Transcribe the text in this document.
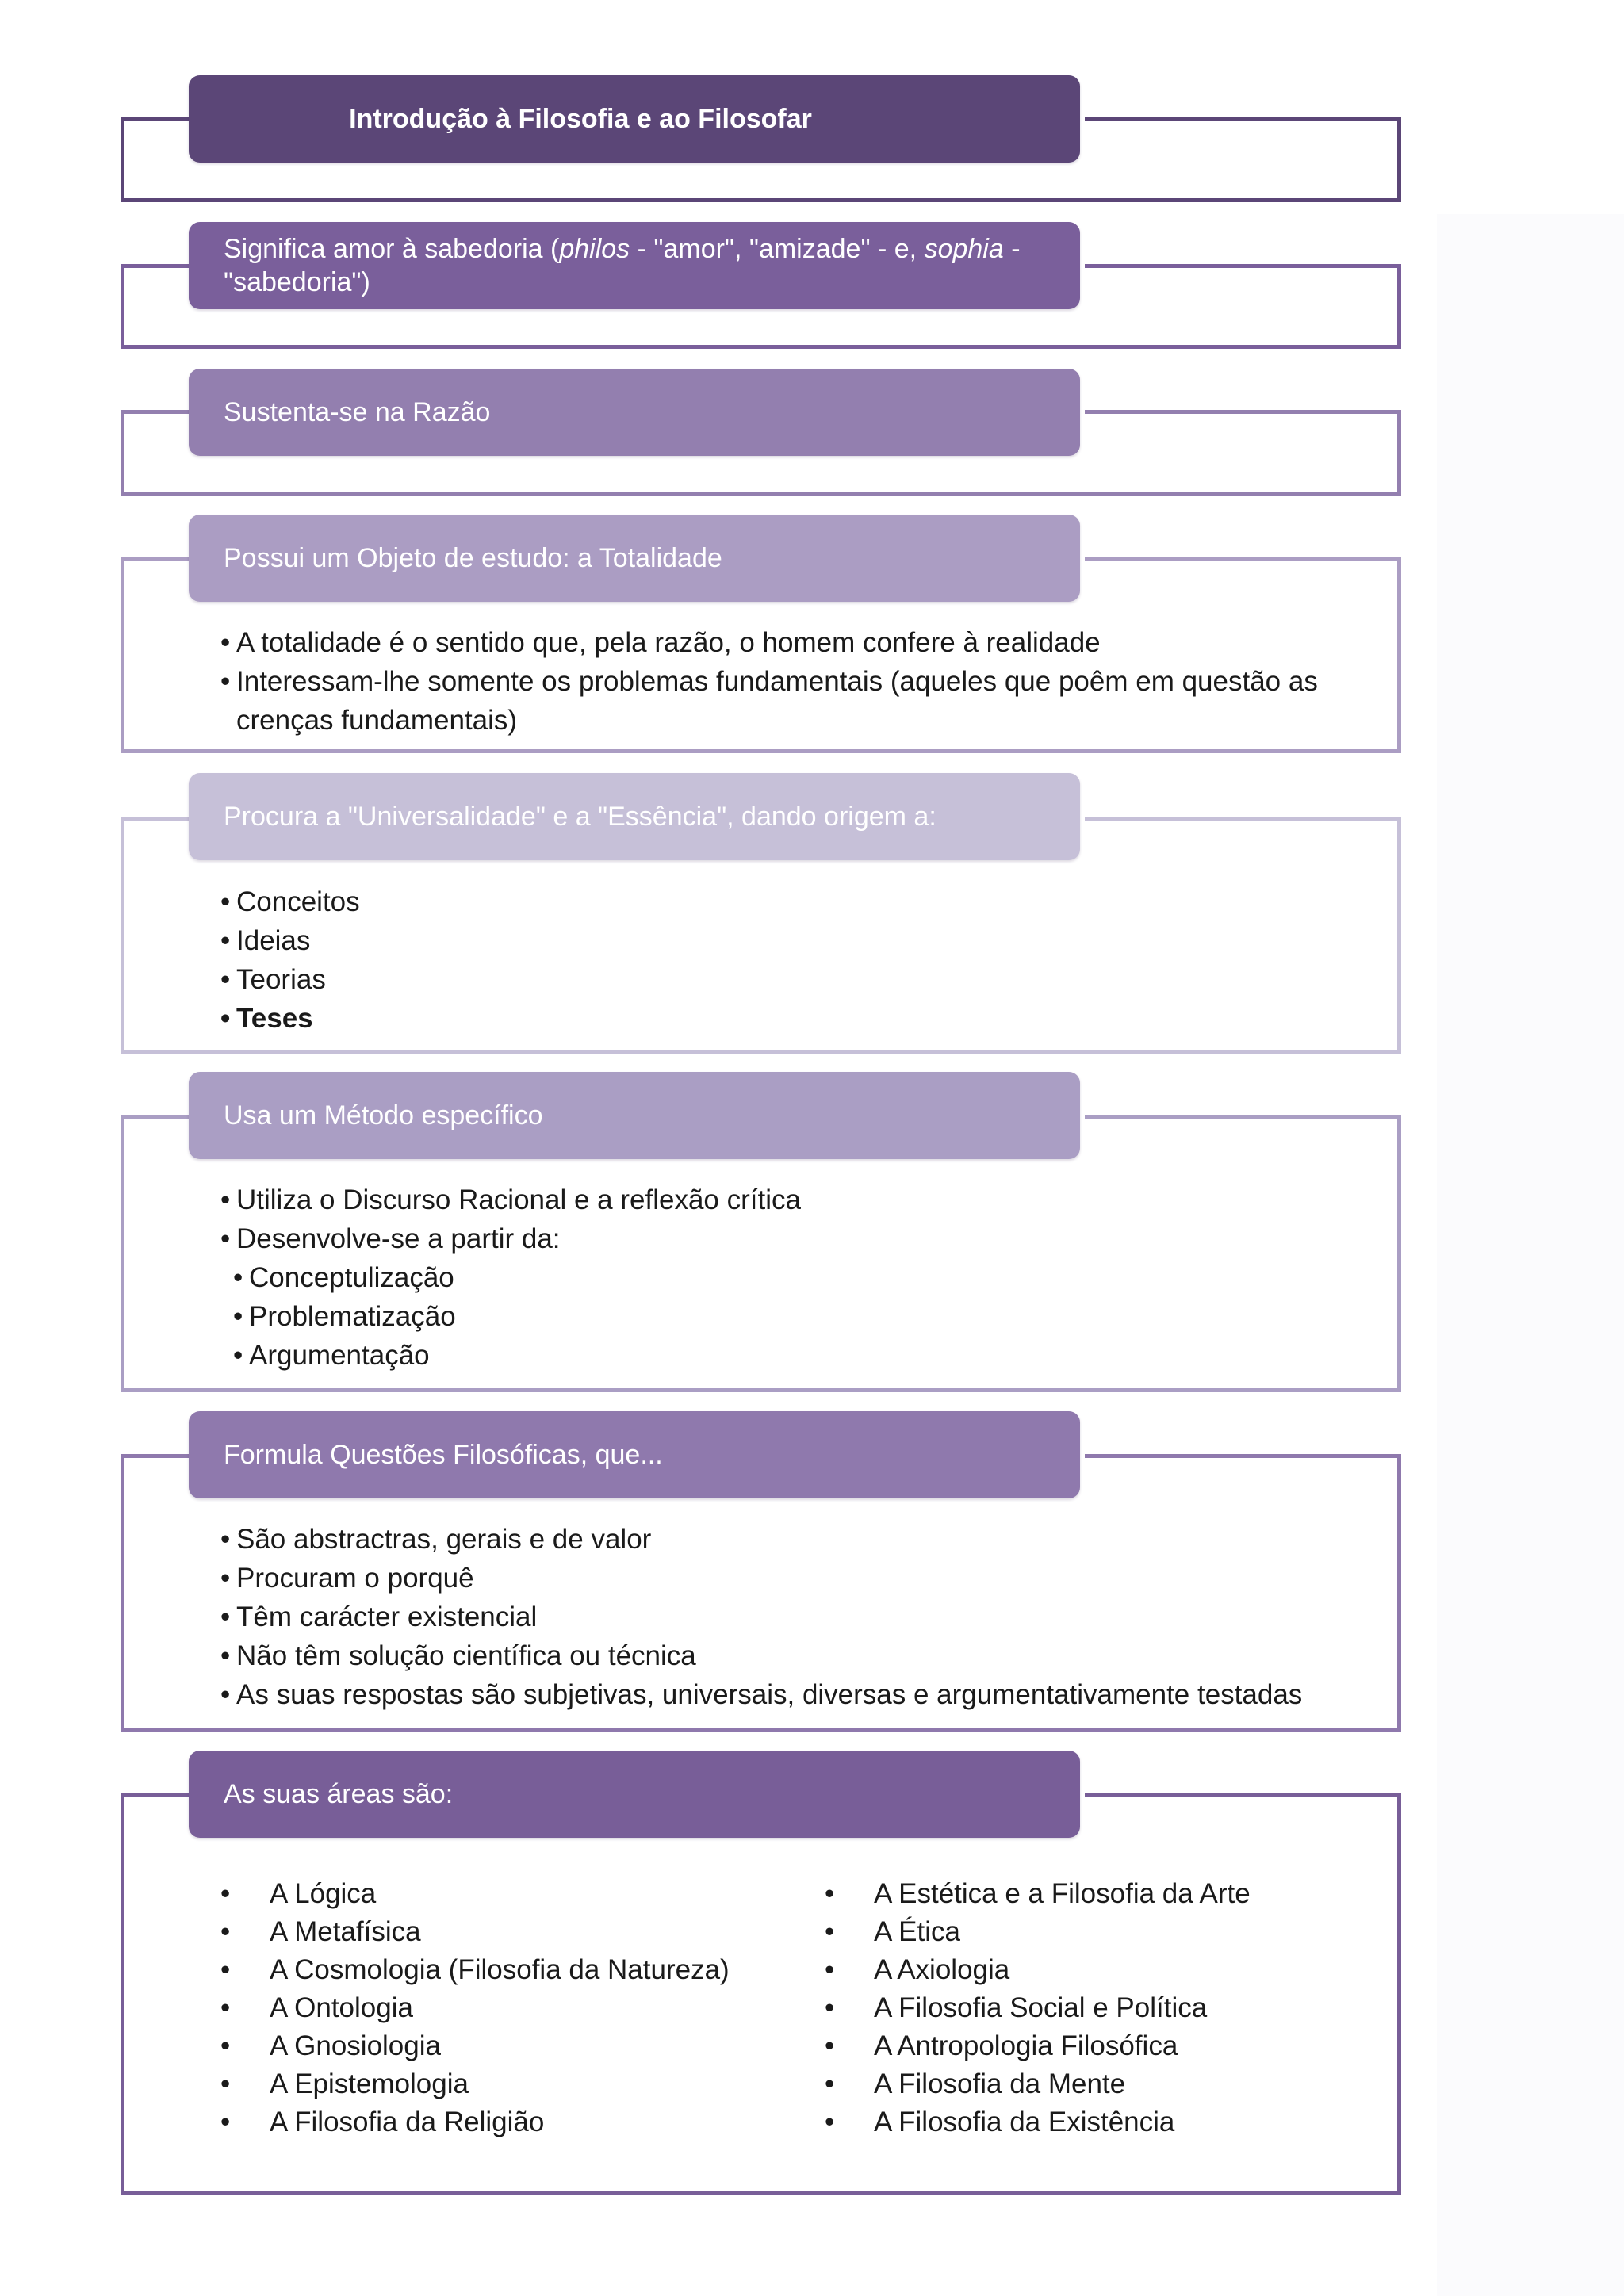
Introdução à Filosofia e ao Filosofar
Significa amor à sabedoria (philos - "amor", "amizade" - e, sophia -
"sabedoria")
Sustenta-se na Razão
Possui um Objeto de estudo: a Totalidade
• A totalidade é o sentido que, pela razão, o homem confere à realidade
• Interessam-lhe somente os problemas fundamentais (aqueles que poêm em questão as crenças fundamentais)
Procura a "Universalidade" e a "Essência", dando origem a:
• Conceitos
• Ideias
• Teorias
• Teses
Usa um Método específico
• Utiliza o Discurso Racional e a reflexão crítica
• Desenvolve-se a partir da:
• Conceptulização
• Problematização
• Argumentação
Formula Questões Filosóficas, que...
• São abstractras, gerais e de valor
• Procuram o porquê
• Têm carácter existencial
• Não têm solução científica ou técnica
• As suas respostas são subjetivas, universais, diversas e argumentativamente testadas
As suas áreas são:
• A Lógica
• A Metafísica
• A Cosmologia (Filosofia da Natureza)
• A Ontologia
• A Gnosiologia
• A Epistemologia
• A Filosofia da Religião
• A Estética e a Filosofia da Arte
• A Ética
• A Axiologia
• A Filosofia Social e Política
• A Antropologia Filosófica
• A Filosofia da Mente
• A Filosofia da Existência
